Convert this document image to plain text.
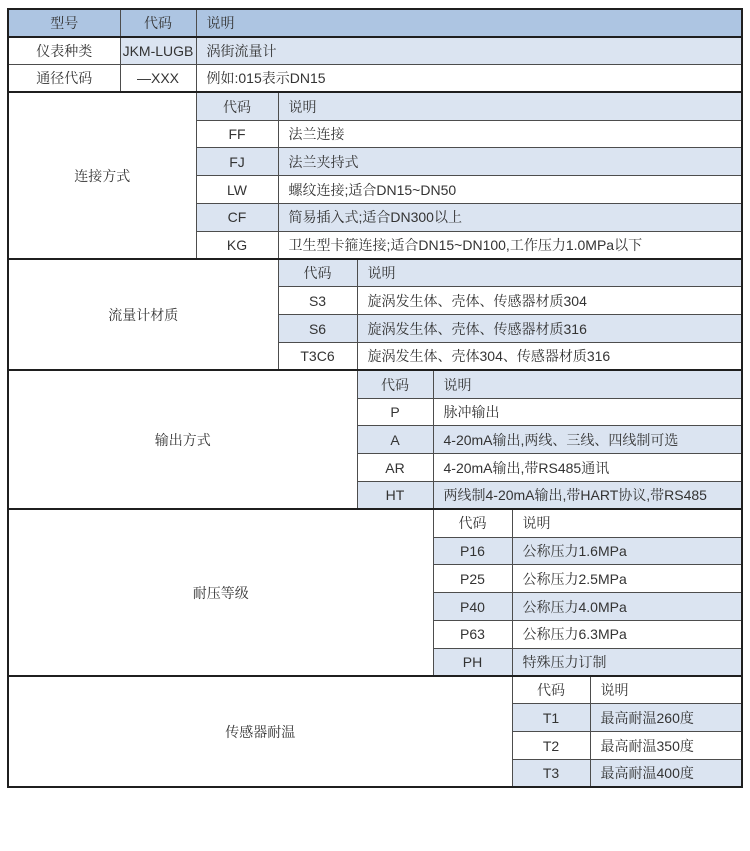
型号	代码	说明					
仪表种类	JKM-LUGB	涡街流量计					
通径代码	—XXX	例如:015表示DN15					
连接方式		代码	说明				
		FF	法兰连接				
		FJ	法兰夹持式				
		LW	螺纹连接;适合DN15~DN50				
		CF	简易插入式;适合DN300以上				
		KG	卫生型卡箍连接;适合DN15~DN100,工作压力1.0MPa以下				
流量计材质			代码	说明			
			S3	旋涡发生体、壳体、传感器材质304			
			S6	旋涡发生体、壳体、传感器材质316			
			T3C6	旋涡发生体、壳体304、传感器材质316			
输出方式				代码	说明		
				P	脉冲输出		
				A	4-20mA输出,两线、三线、四线制可选		
				AR	4-20mA输出,带RS485通讯		
				HT	两线制4-20mA输出,带HART协议,带RS485		
耐压等级					代码	说明	
					P16	公称压力1.6MPa	
					P25	公称压力2.5MPa	
					P40	公称压力4.0MPa	
					P63	公称压力6.3MPa	
					PH	特殊压力订制	
传感器耐温						代码	说明
						T1	最高耐温260度
						T2	最高耐温350度
						T3	最高耐温400度
